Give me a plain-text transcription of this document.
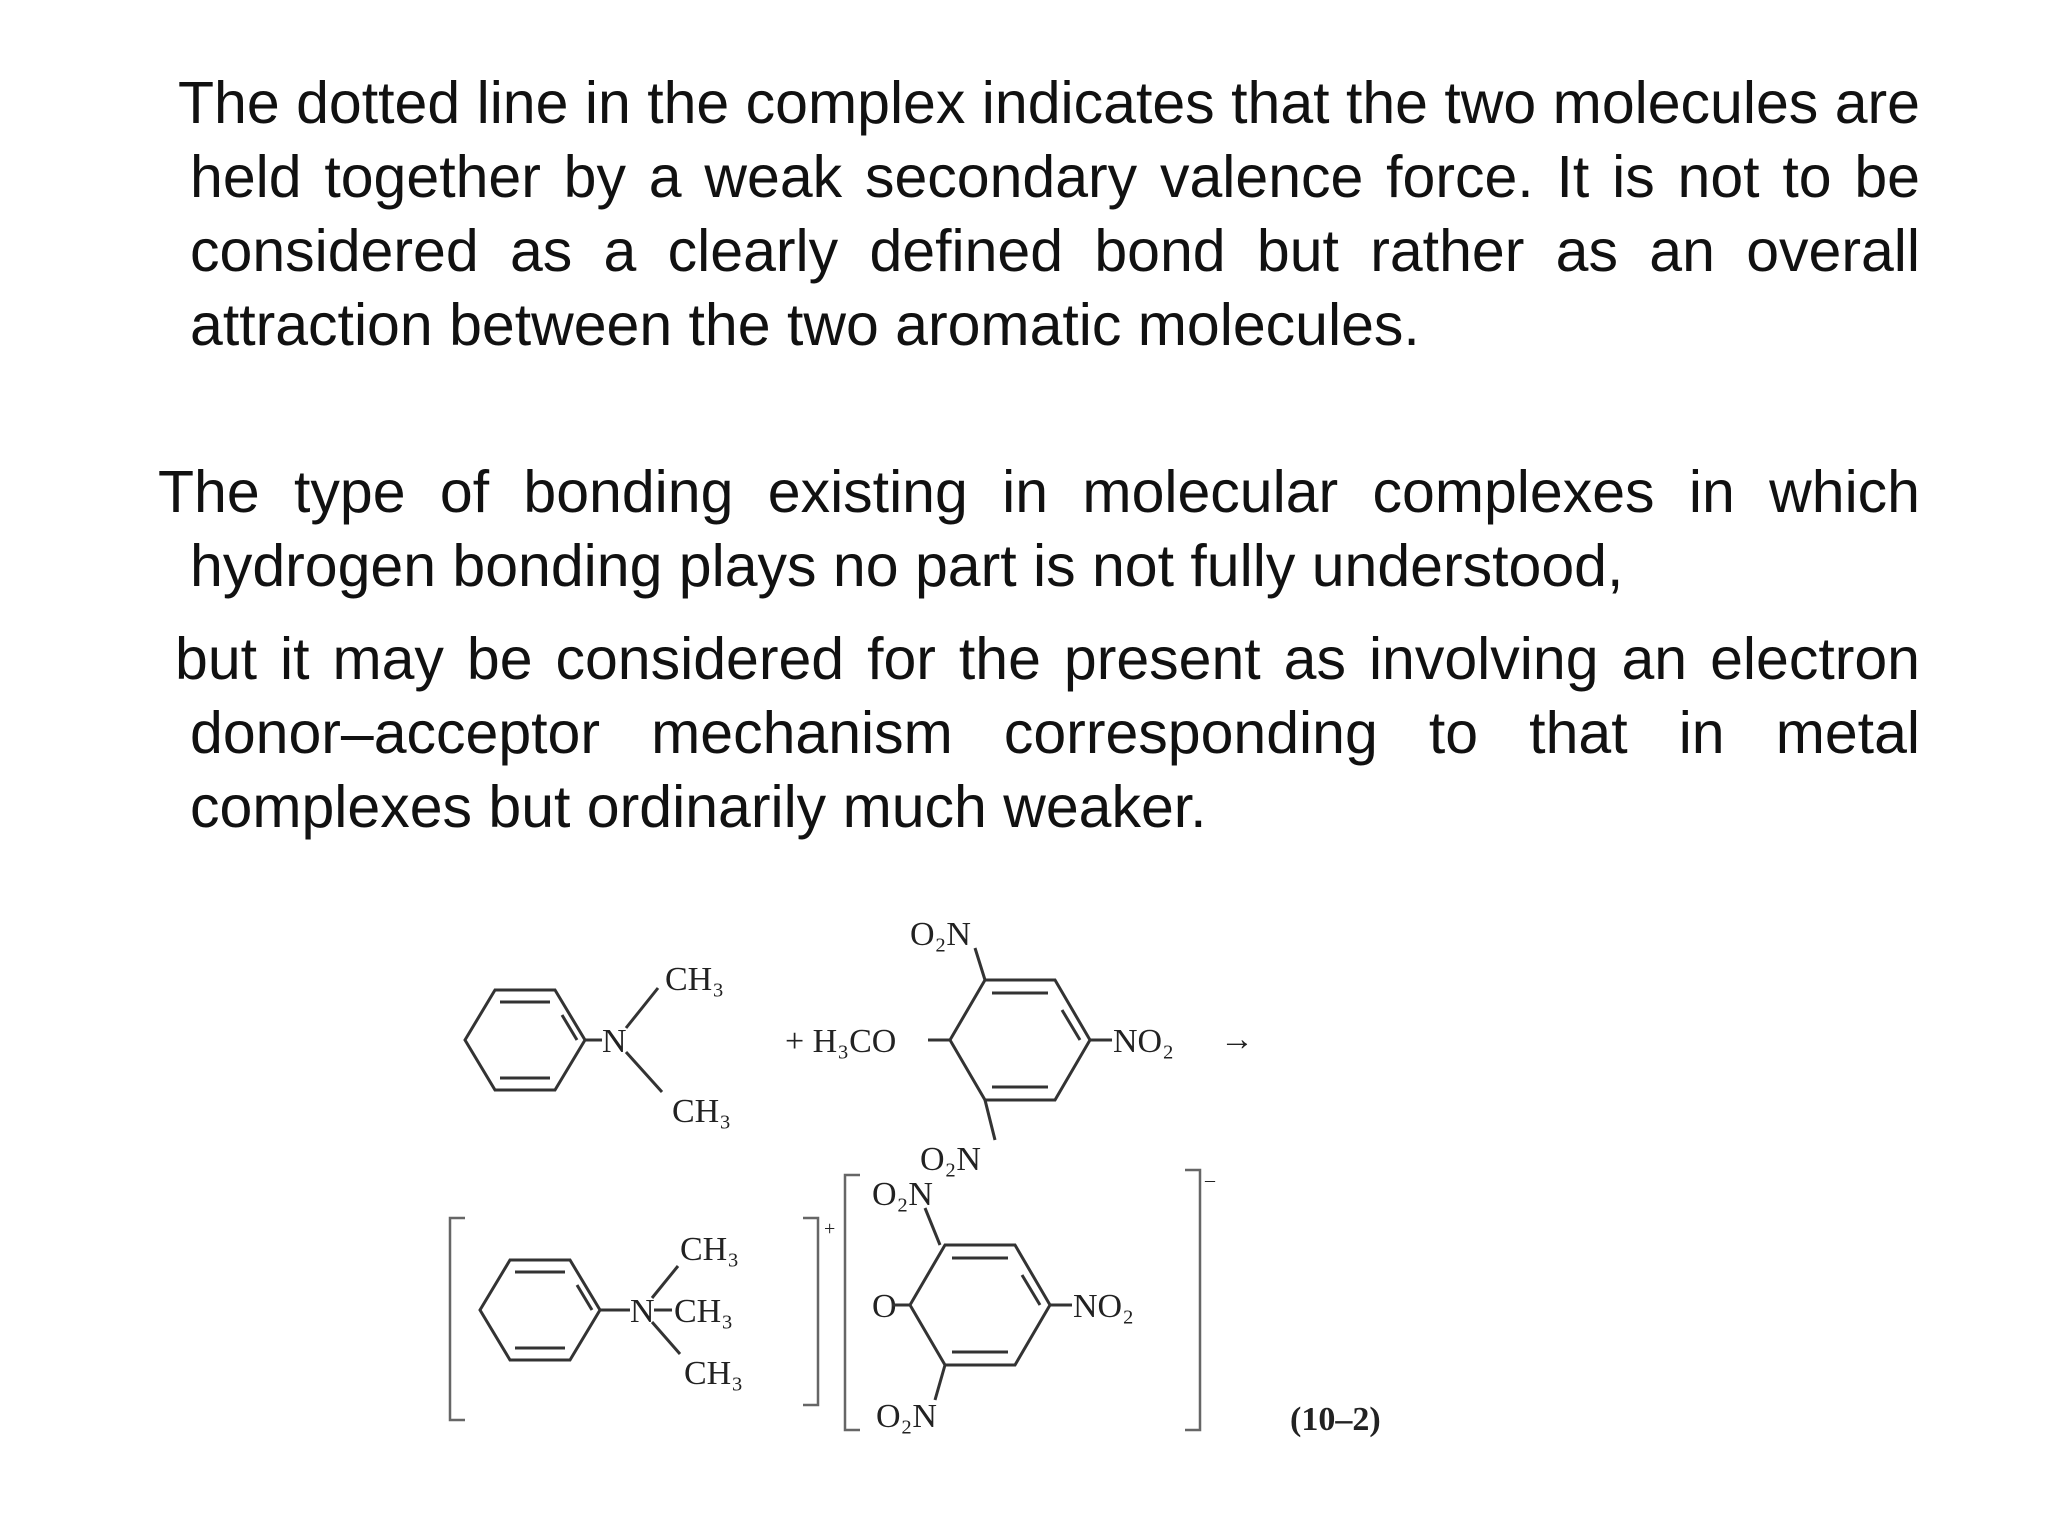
The dotted line in the complex indicates that the two molecules are held together by a weak secondary valence force. It is not to be considered as a clearly defined bond but rather as an overall attraction between the two aromatic molecules.

The type of bonding existing in molecular complexes in which hydrogen bonding plays no part is not fully understood,

but it may be considered for the present as involving an electron donor–acceptor mechanism corresponding to that in metal complexes but ordinarily much weaker.

N
CH₃
CH₃
+ H₃CO
O₂N
NO₂
O₂N
→
+
N
CH₃
CH₃
CH₃
–
O₂N
O	NO₂
O₂N	(10–2)
